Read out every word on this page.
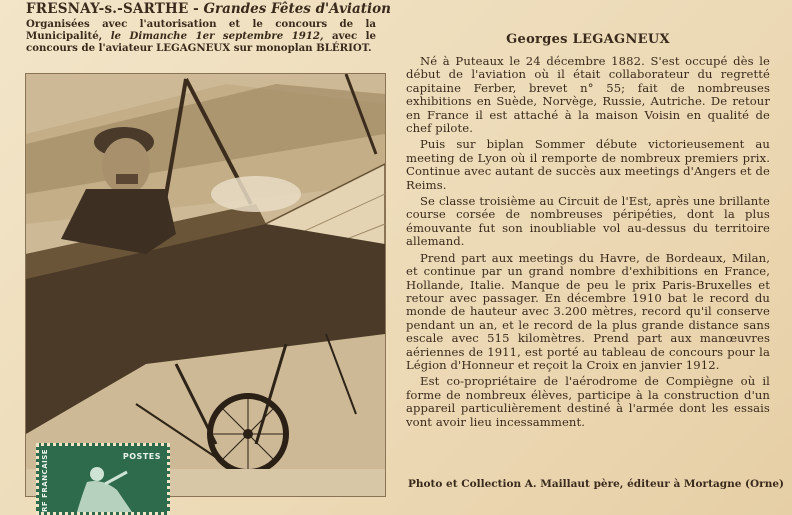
FRESNAY-s.-SARTHE - Grandes Fêtes d'Aviation
Organisées avec l'autorisation et le concours de la Municipalité, le Dimanche 1er septembre 1912, avec le concours de l'aviateur LEGAGNEUX sur monoplan BLÉRIOT.
Georges LEGAGNEUX

Né à Puteaux le 24 décembre 1882. S'est occupé dès le début de l'aviation où il était collaborateur du regretté capitaine Ferber, brevet n° 55; fait de nombreuses exhibitions en Suède, Norvège, Russie, Autriche. De retour en France il est attaché à la maison Voisin en qualité de chef pilote.

Puis sur biplan Sommer débute victorieusement au meeting de Lyon où il remporte de nombreux premiers prix. Continue avec autant de succès aux meetings d'Angers et de Reims.

Se classe troisième au Circuit de l'Est, après une brillante course corsée de nombreuses péripéties, dont la plus émouvante fut son inoubliable vol au-dessus du territoire allemand.

Prend part aux meetings du Havre, de Bordeaux, Milan, et continue par un grand nombre d'exhibitions en France, Hollande, Italie. Manque de peu le prix Paris-Bruxelles et retour avec passager. En décembre 1910 bat le record du monde de hauteur avec 3.200 mètres, record qu'il conserve pendant un an, et le record de la plus grande distance sans escale avec 515 kilomètres. Prend part aux manœuvres aériennes de 1911, est porté au tableau de concours pour la Légion d'Honneur et reçoit la Croix en janvier 1912.

Est co-propriétaire de l'aérodrome de Compiègne où il forme de nombreux élèves, participe à la construction d'un appareil particulièrement destiné à l'armée dont les essais vont avoir lieu incessamment.

Photo et Collection A. Maillaut père, éditeur à Mortagne (Orne)
RF FRANCAISE	POSTES
